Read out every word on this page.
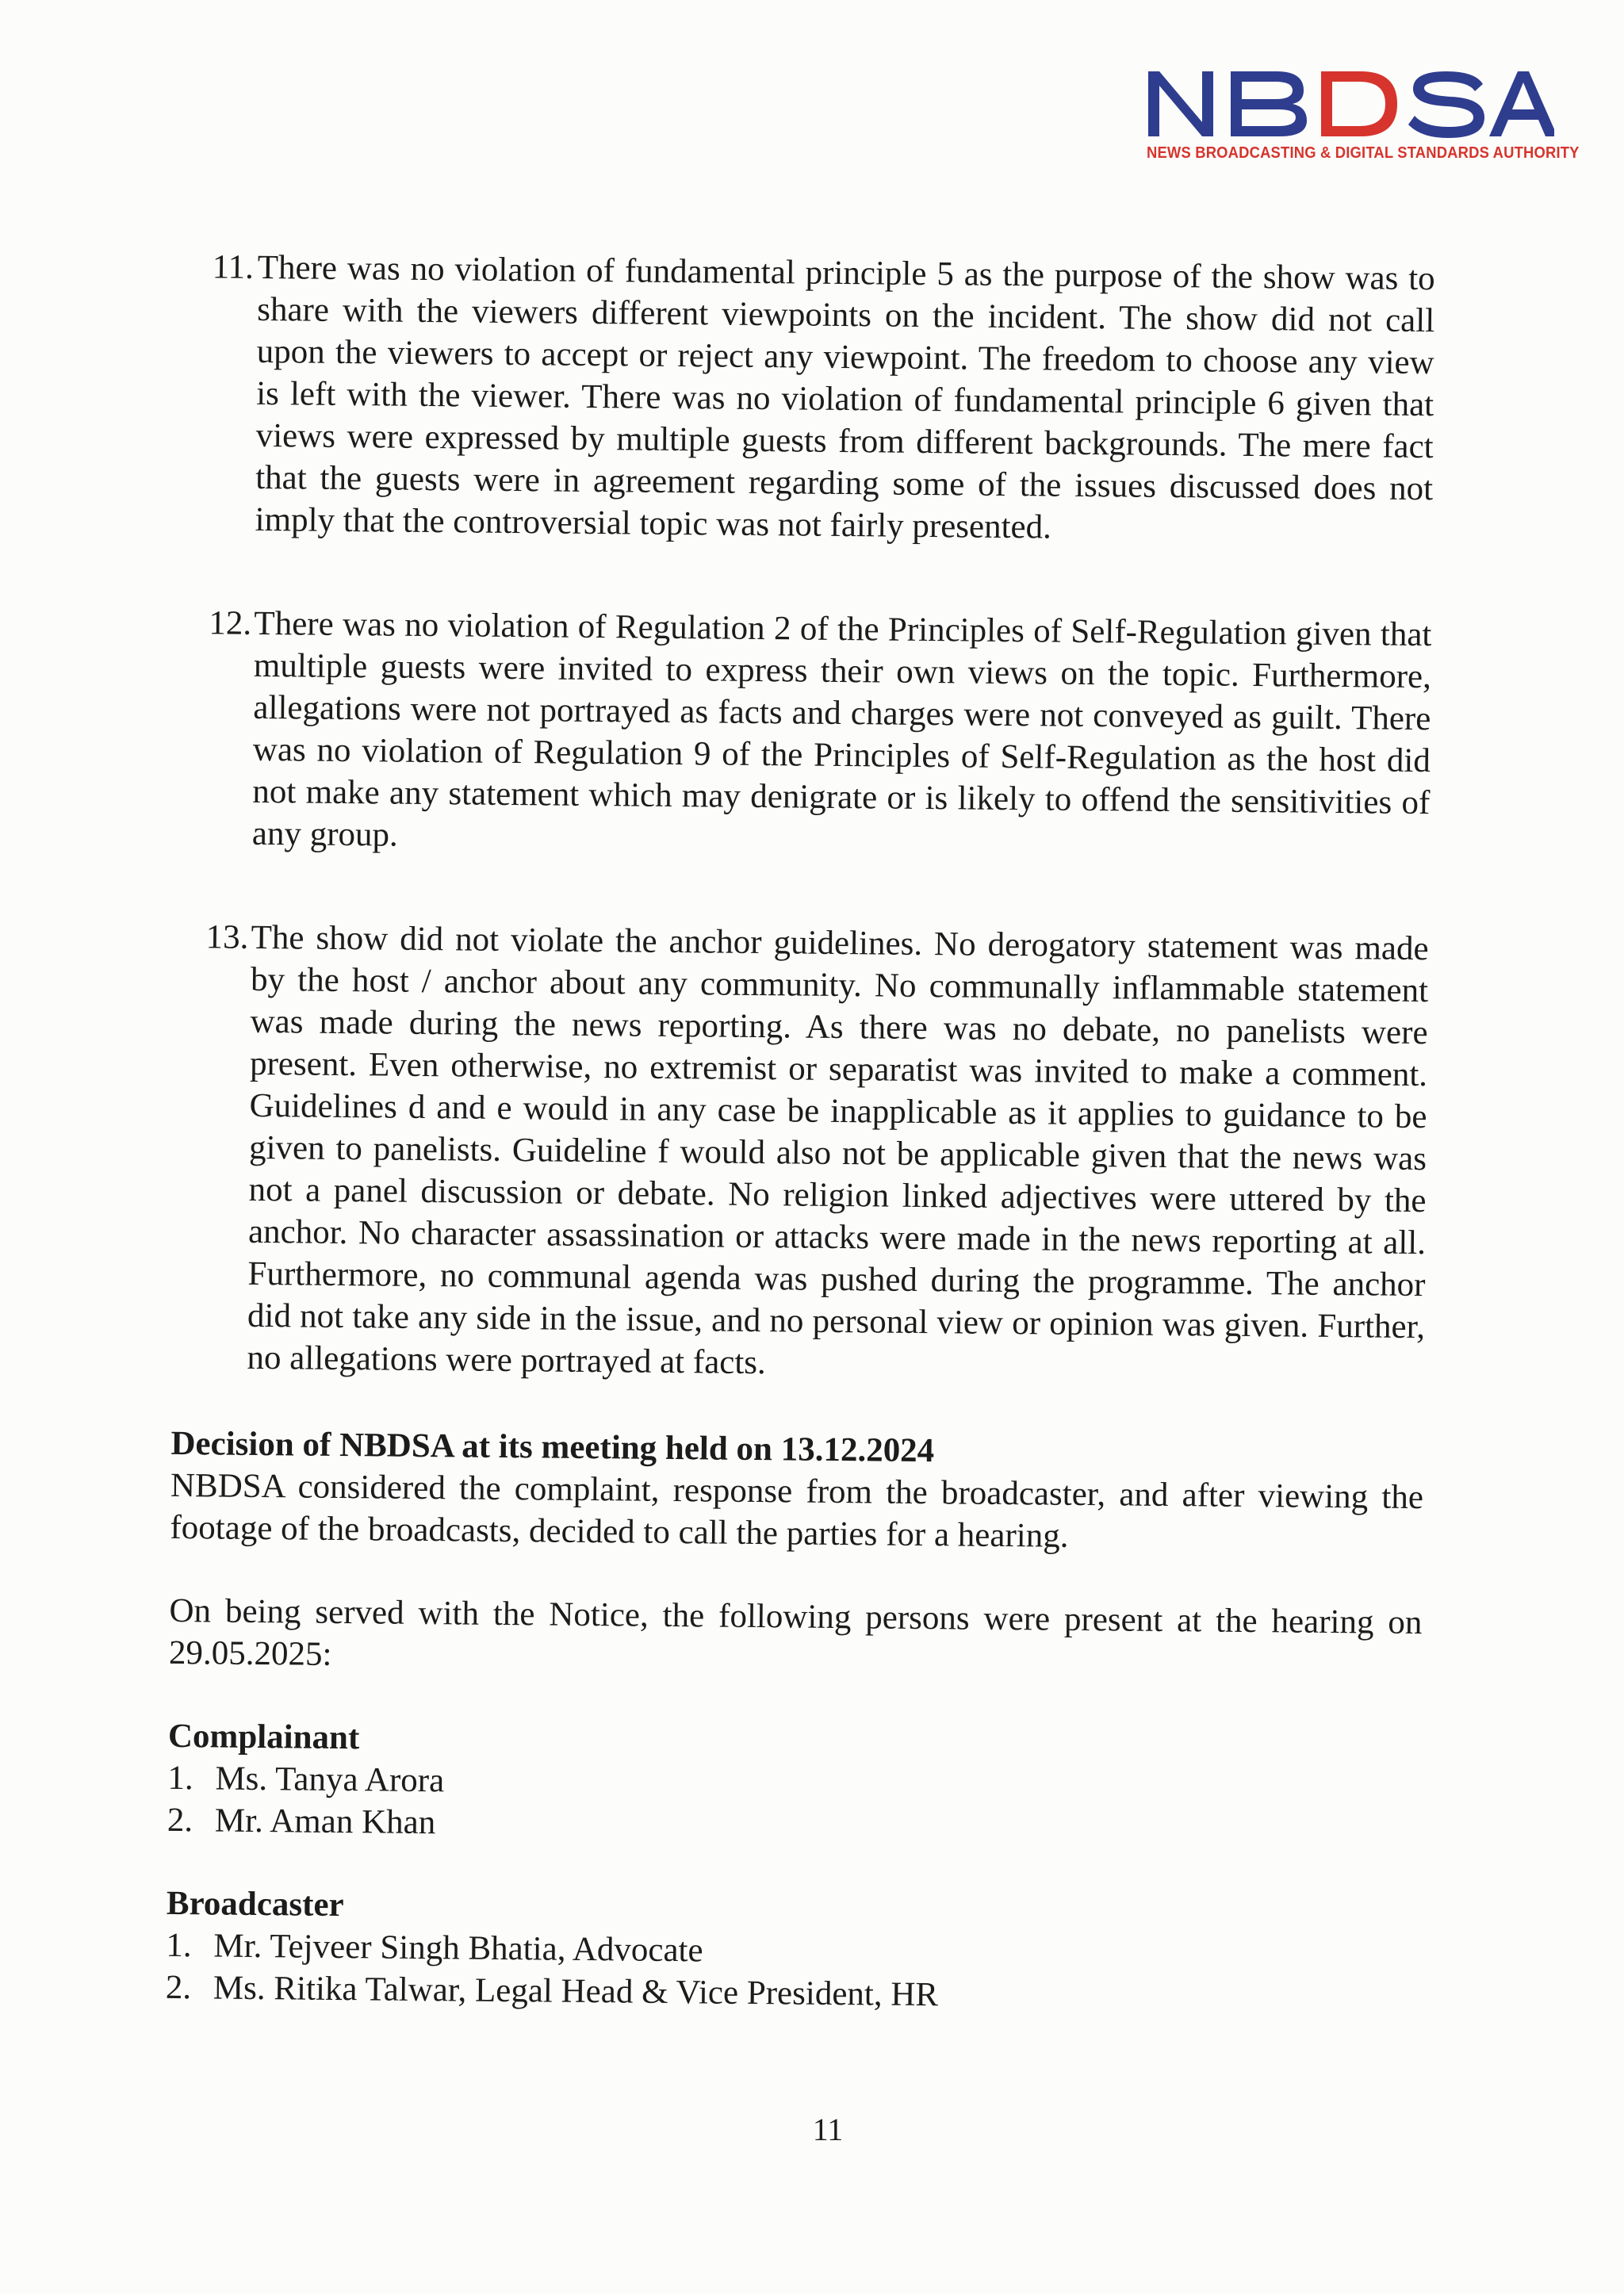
NEWS BROADCASTING & DIGITAL STANDARDS AUTHORITY
11. There was no violation of fundamental principle 5 as the purpose of the show was to share with the viewers different viewpoints on the incident. The show did not call upon the viewers to accept or reject any viewpoint. The freedom to choose any view is left with the viewer. There was no violation of fundamental principle 6 given that views were expressed by multiple guests from different backgrounds. The mere fact that the guests were in agreement regarding some of the issues discussed does not imply that the controversial topic was not fairly presented.
12. There was no violation of Regulation 2 of the Principles of Self-Regulation given that multiple guests were invited to express their own views on the topic. Furthermore, allegations were not portrayed as facts and charges were not conveyed as guilt. There was no violation of Regulation 9 of the Principles of Self-Regulation as the host did not make any statement which may denigrate or is likely to offend the sensitivities of any group.
13. The show did not violate the anchor guidelines. No derogatory statement was made by the host / anchor about any community. No communally inflammable statement was made during the news reporting. As there was no debate, no panelists were present. Even otherwise, no extremist or separatist was invited to make a comment. Guidelines d and e would in any case be inapplicable as it applies to guidance to be given to panelists. Guideline f would also not be applicable given that the news was not a panel discussion or debate. No religion linked adjectives were uttered by the anchor. No character assassination or attacks were made in the news reporting at all. Furthermore, no communal agenda was pushed during the programme. The anchor did not take any side in the issue, and no personal view or opinion was given. Further, no allegations were portrayed at facts.
Decision of NBDSA at its meeting held on 13.12.2024

NBDSA considered the complaint, response from the broadcaster, and after viewing the footage of the broadcasts, decided to call the parties for a hearing.

On being served with the Notice, the following persons were present at the hearing on 29.05.2025:

Complainant
1. Ms. Tanya Arora
2. Mr. Aman Khan
Broadcaster
1. Mr. Tejveer Singh Bhatia, Advocate
2. Ms. Ritika Talwar, Legal Head & Vice President, HR
11
